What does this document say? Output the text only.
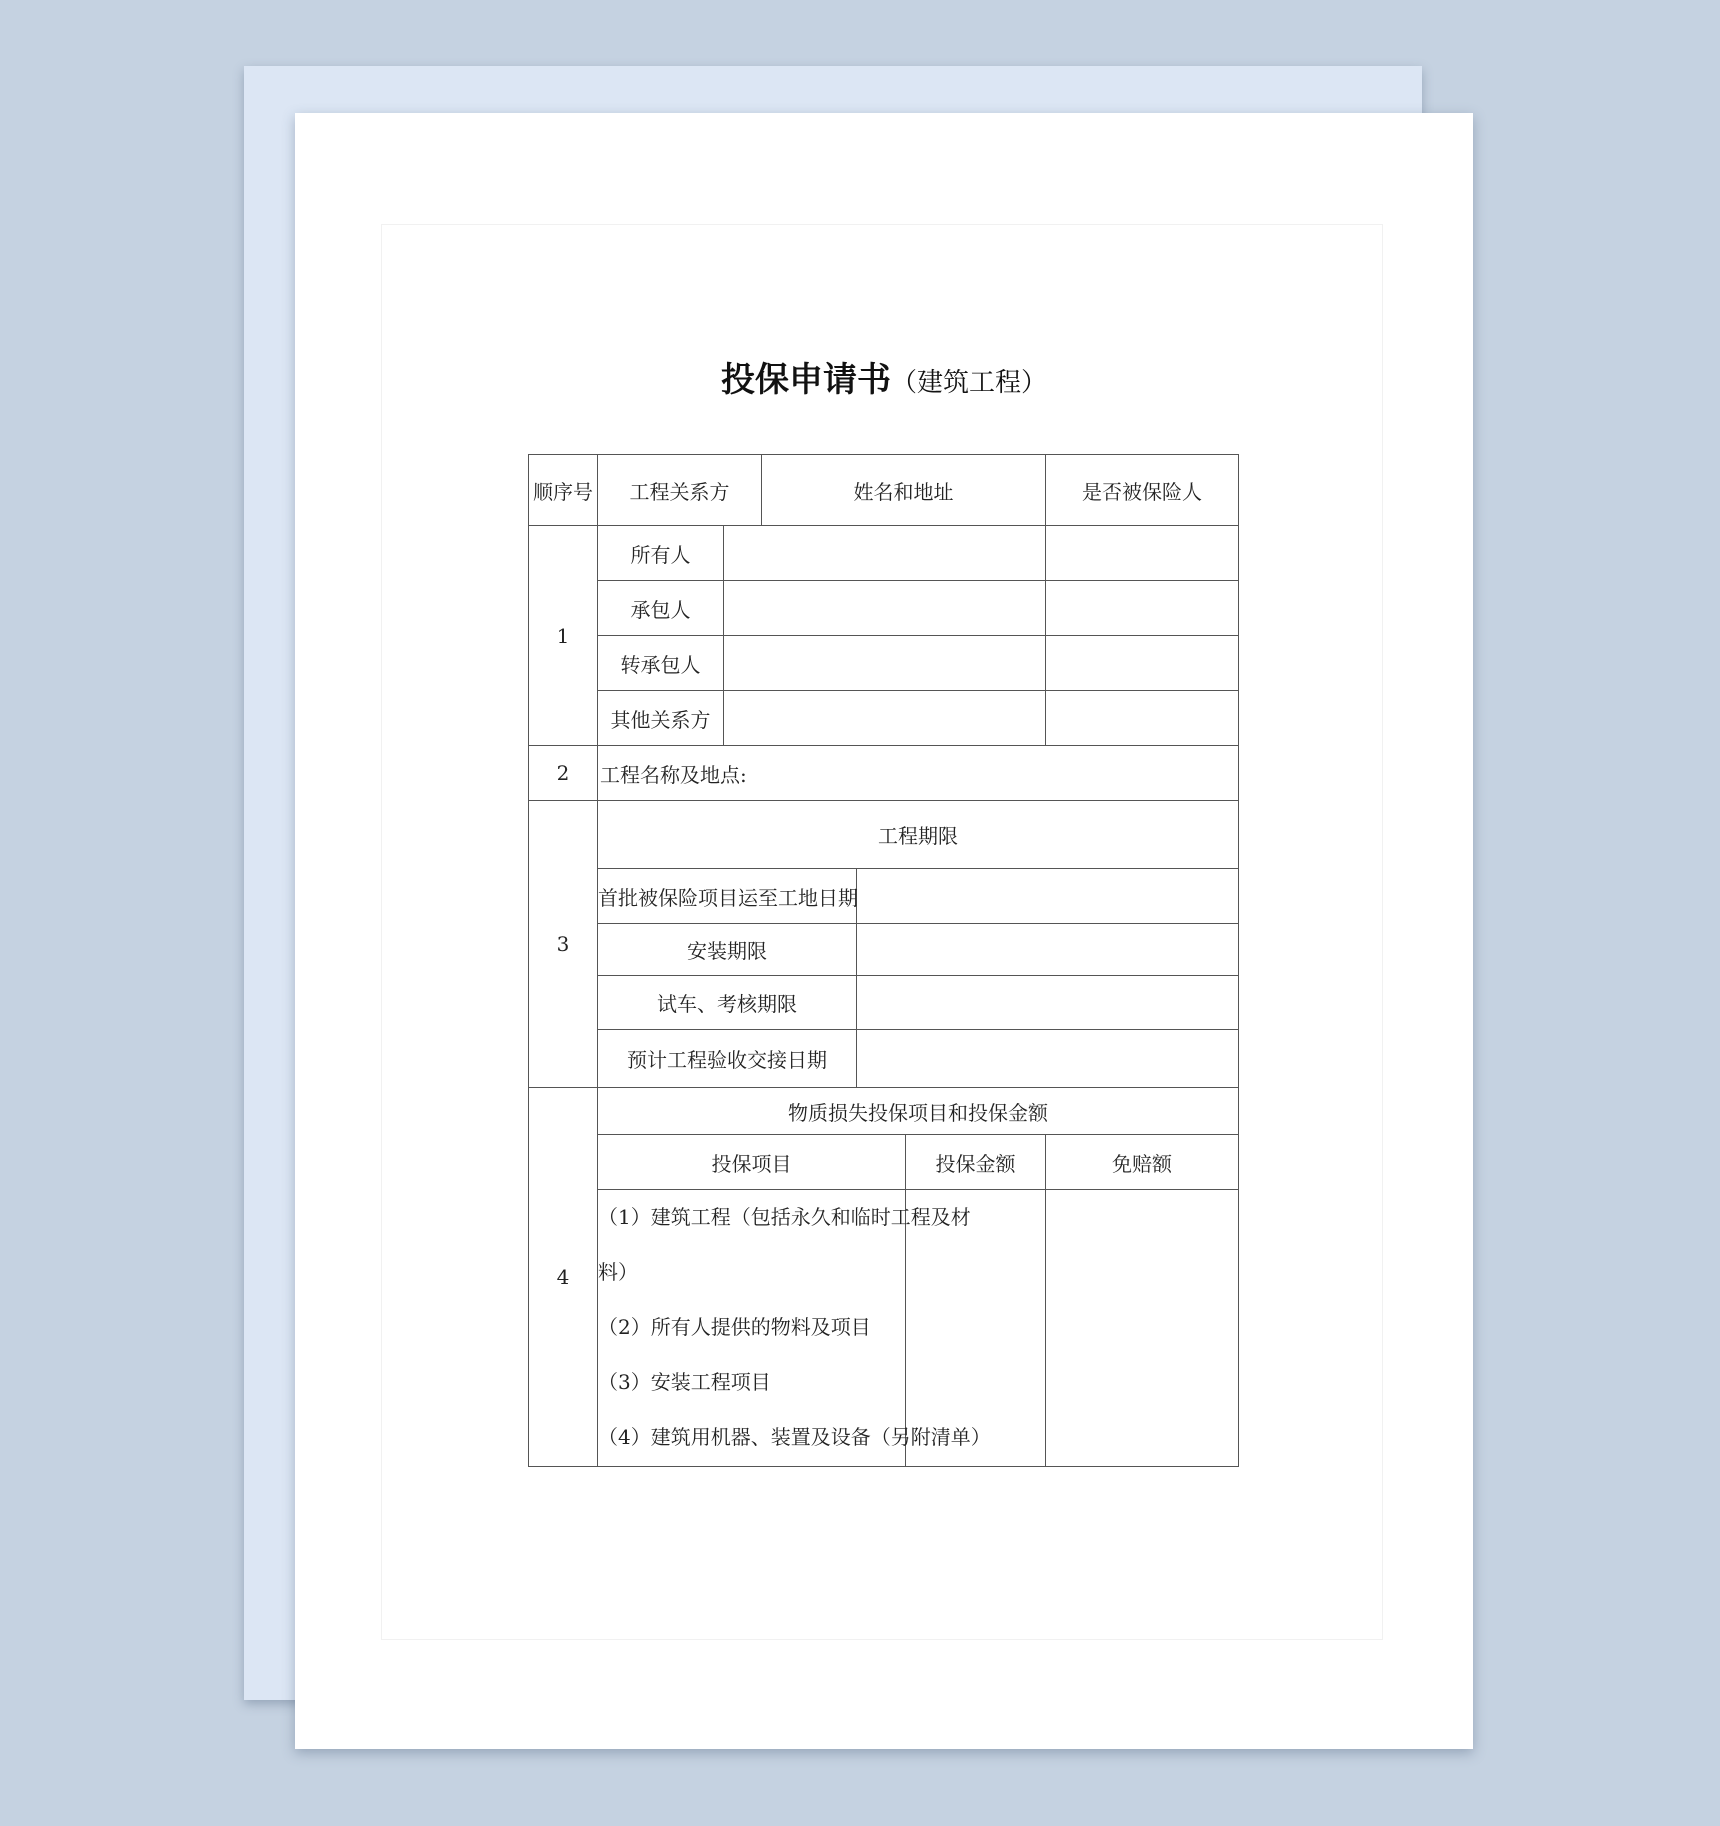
投保申请书（建筑工程）
顺序号	工程关系方		姓名和地址			是否被保险人
1	所有人					
	承包人					
	转承包人					
	其他关系方					
2	工程名称及地点:					
3	工程期限					
	首批被保险项目运至工地日期					
	安装期限					
	试车、考核期限					
	预计工程验收交接日期					
4	物质损失投保项目和投保金额					
	投保项目				投保金额	免赔额

	（1）建筑工程（包括永久和临时工程及材
料）
（2）所有人提供的物料及项目
（3）安装工程项目
（4）建筑用机器、装置及设备（另附清单）					
